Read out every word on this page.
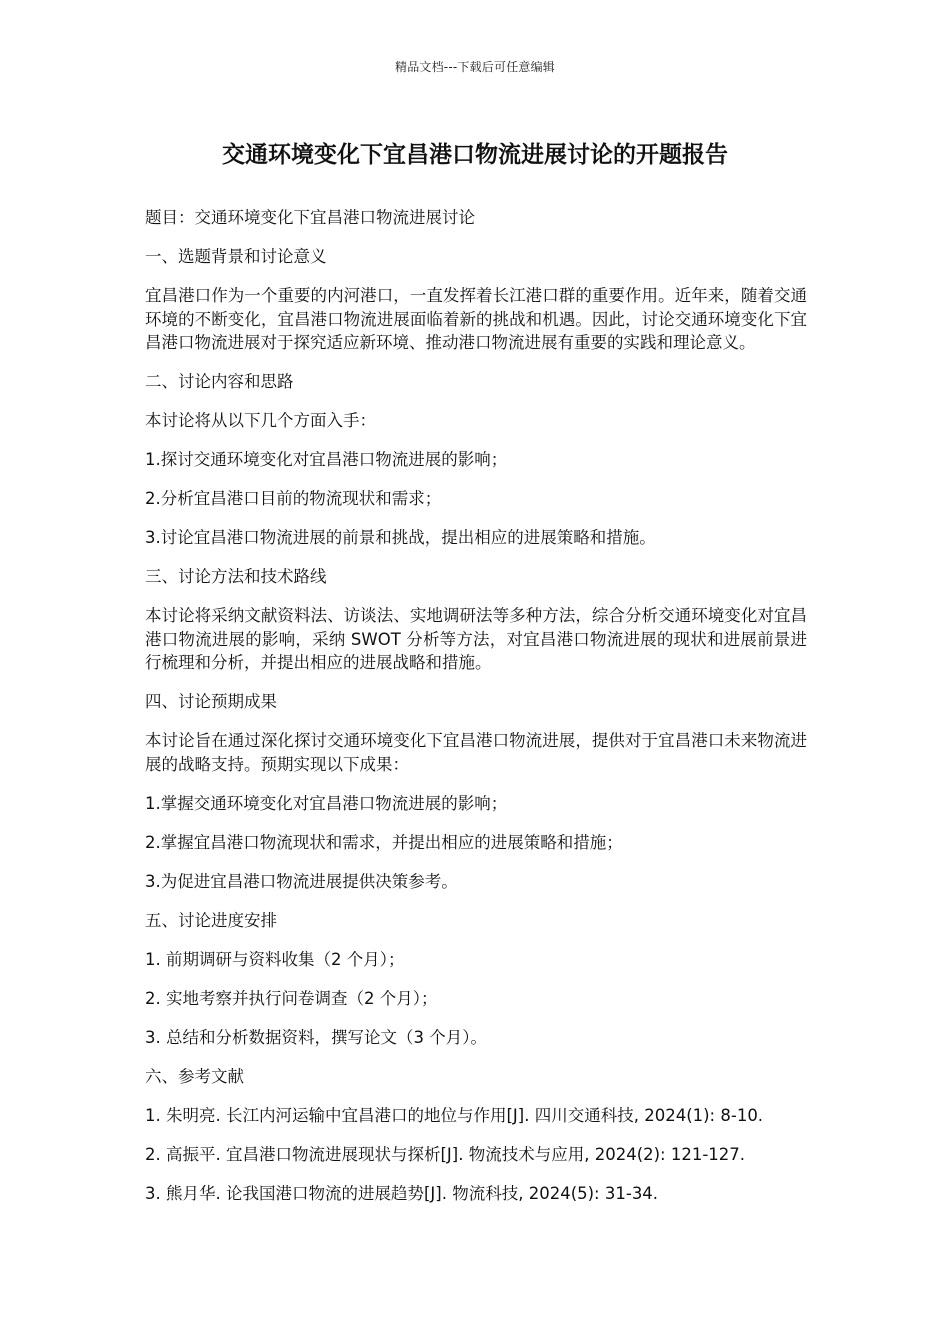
精品文档---下载后可任意编辑
交通环境变化下宜昌港口物流进展讨论的开题报告

题目：交通环境变化下宜昌港口物流进展讨论

一、选题背景和讨论意义

宜昌港口作为一个重要的内河港口，一直发挥着长江港口群的重要作用。近年来，随着交通环境的不断变化，宜昌港口物流进展面临着新的挑战和机遇。因此，讨论交通环境变化下宜昌港口物流进展对于探究适应新环境、推动港口物流进展有重要的实践和理论意义。

二、讨论内容和思路

本讨论将从以下几个方面入手：

1.探讨交通环境变化对宜昌港口物流进展的影响；

2.分析宜昌港口目前的物流现状和需求；

3.讨论宜昌港口物流进展的前景和挑战，提出相应的进展策略和措施。

三、讨论方法和技术路线

本讨论将采纳文献资料法、访谈法、实地调研法等多种方法，综合分析交通环境变化对宜昌港口物流进展的影响，采纳 SWOT 分析等方法，对宜昌港口物流进展的现状和进展前景进行梳理和分析，并提出相应的进展战略和措施。

四、讨论预期成果

本讨论旨在通过深化探讨交通环境变化下宜昌港口物流进展，提供对于宜昌港口未来物流进展的战略支持。预期实现以下成果：

1.掌握交通环境变化对宜昌港口物流进展的影响；

2.掌握宜昌港口物流现状和需求，并提出相应的进展策略和措施；

3.为促进宜昌港口物流进展提供决策参考。

五、讨论进度安排

1. 前期调研与资料收集（2 个月）；

2. 实地考察并执行问卷调查（2 个月）；

3. 总结和分析数据资料，撰写论文（3 个月）。

六、参考文献

1. 朱明亮. 长江内河运输中宜昌港口的地位与作用[J]. 四川交通科技, 2024(1): 8-10.

2. 高振平. 宜昌港口物流进展现状与探析[J]. 物流技术与应用, 2024(2): 121-127.

3. 熊月华. 论我国港口物流的进展趋势[J]. 物流科技, 2024(5): 31-34.
